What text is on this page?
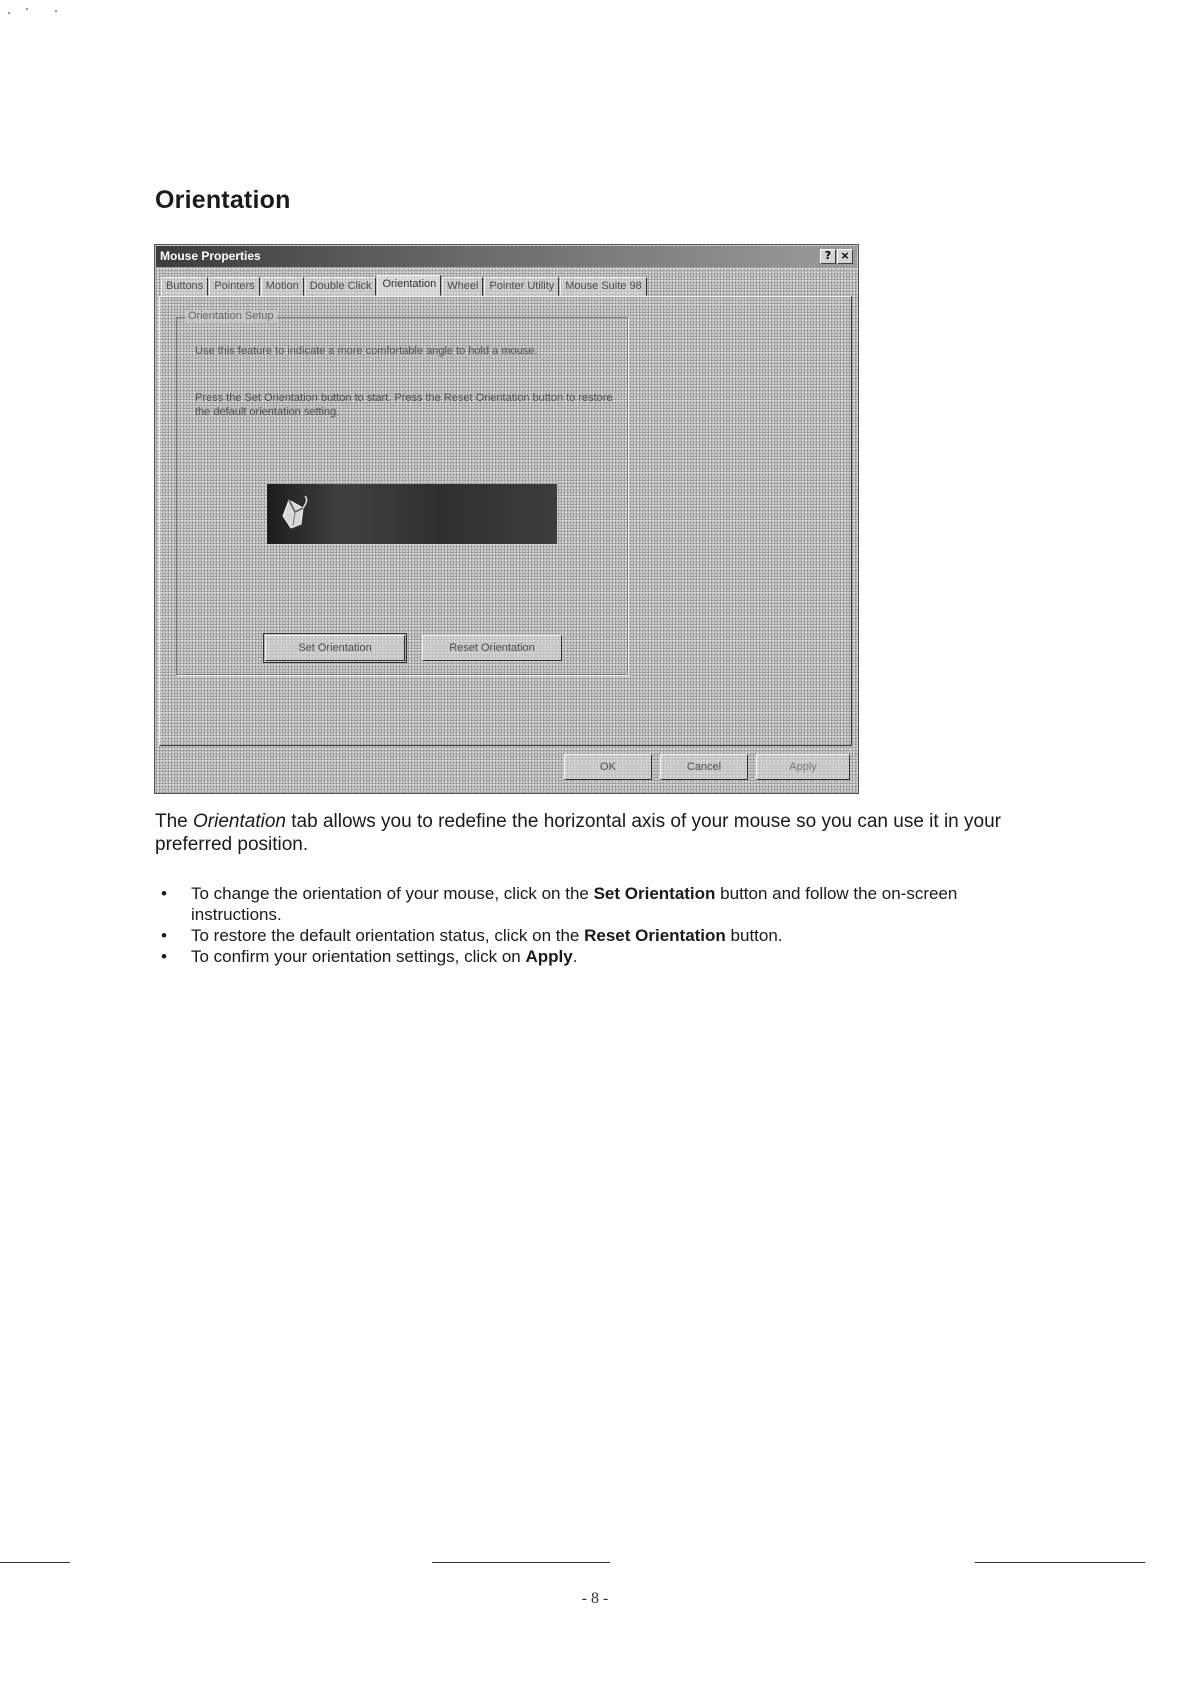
Orientation
Mouse Properties	? ×
Buttons	Pointers	Motion	Double Click	Orientation	Wheel	Pointer Utility	Mouse Suite 98
Orientation Setup
Use this feature to indicate a more comfortable angle to hold a mouse.
Press the Set Orientation button to start. Press the Reset Orientation button to restore the default orientation setting.
Set Orientation	Reset Orientation
OK	Cancel	Apply

The Orientation tab allows you to redefine the horizontal axis of your mouse so you can use it in your preferred position.

• To change the orientation of your mouse, click on the Set Orientation button and follow the on-screen instructions.
• To restore the default orientation status, click on the Reset Orientation button.
• To confirm your orientation settings, click on Apply.
- 8 -
